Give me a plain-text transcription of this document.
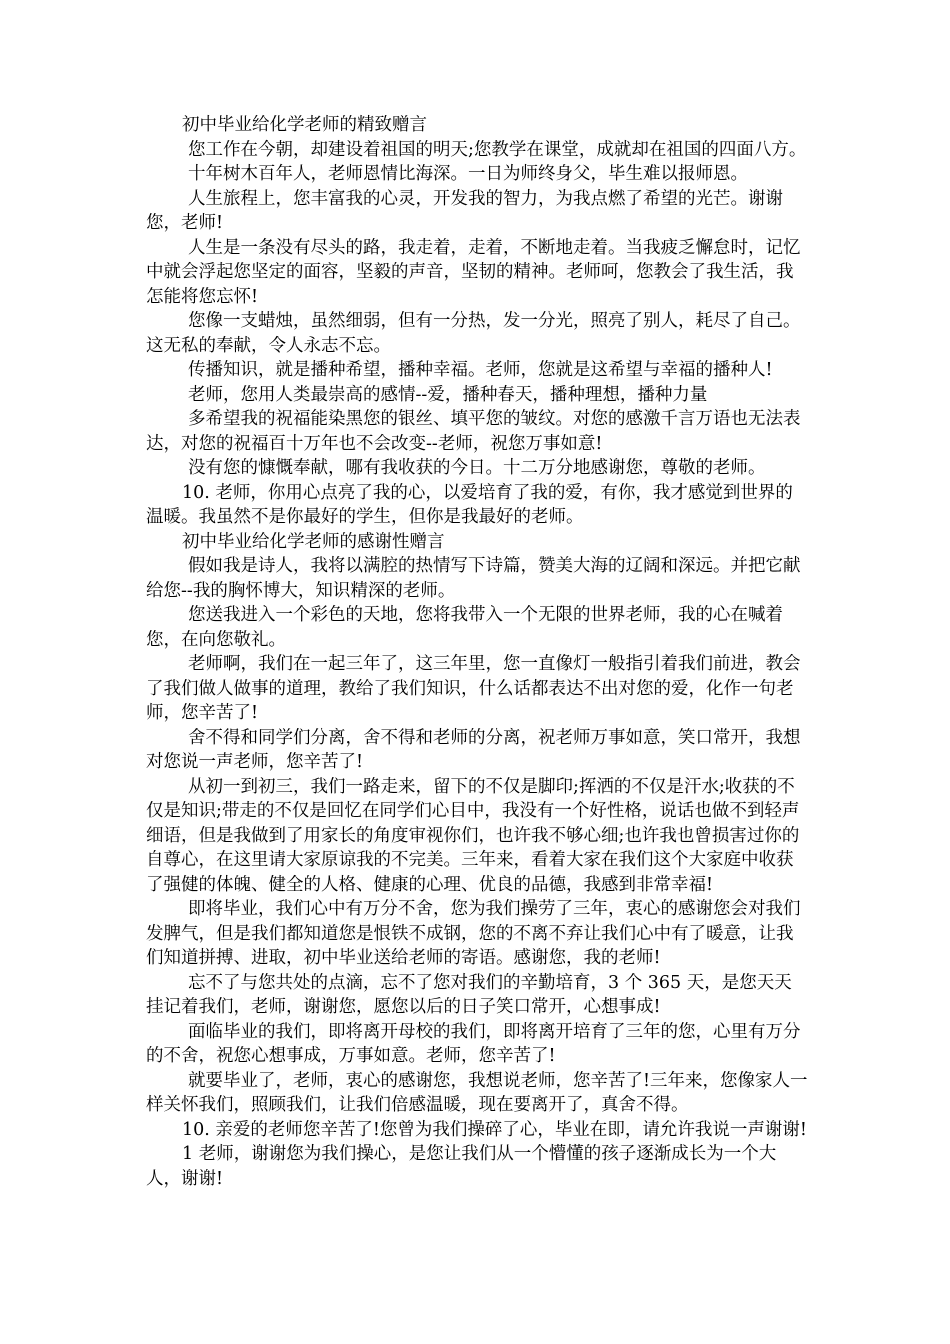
初中毕业给化学老师的精致赠言

您工作在今朝，却建设着祖国的明天;您教学在课堂，成就却在祖国的四面八方。

十年树木百年人，老师恩情比海深。一日为师终身父，毕生难以报师恩。

人生旅程上，您丰富我的心灵，开发我的智力，为我点燃了希望的光芒。谢谢您，老师!

人生是一条没有尽头的路，我走着，走着，不断地走着。当我疲乏懈怠时，记忆中就会浮起您坚定的面容，坚毅的声音，坚韧的精神。老师呵，您教会了我生活，我怎能将您忘怀!

您像一支蜡烛，虽然细弱，但有一分热，发一分光，照亮了别人，耗尽了自己。这无私的奉献，令人永志不忘。

传播知识，就是播种希望，播种幸福。老师，您就是这希望与幸福的播种人!

老师，您用人类最崇高的感情--爱，播种春天，播种理想，播种力量

多希望我的祝福能染黑您的银丝、填平您的皱纹。对您的感激千言万语也无法表达，对您的祝福百十万年也不会改变--老师，祝您万事如意!

没有您的慷慨奉献，哪有我收获的今日。十二万分地感谢您，尊敬的老师。

10. 老师，你用心点亮了我的心，以爱培育了我的爱，有你，我才感觉到世界的温暖。我虽然不是你最好的学生，但你是我最好的老师。

初中毕业给化学老师的感谢性赠言

假如我是诗人，我将以满腔的热情写下诗篇，赞美大海的辽阔和深远。并把它献给您--我的胸怀博大，知识精深的老师。

您送我进入一个彩色的天地，您将我带入一个无限的世界老师，我的心在喊着您，在向您敬礼。

老师啊，我们在一起三年了，这三年里，您一直像灯一般指引着我们前进，教会了我们做人做事的道理，教给了我们知识，什么话都表达不出对您的爱，化作一句老师，您辛苦了!

舍不得和同学们分离，舍不得和老师的分离，祝老师万事如意，笑口常开，我想对您说一声老师，您辛苦了!

从初一到初三，我们一路走来，留下的不仅是脚印;挥洒的不仅是汗水;收获的不仅是知识;带走的不仅是回忆在同学们心目中，我没有一个好性格，说话也做不到轻声细语，但是我做到了用家长的角度审视你们，也许我不够心细;也许我也曾损害过你的自尊心，在这里请大家原谅我的不完美。三年来，看着大家在我们这个大家庭中收获了强健的体魄、健全的人格、健康的心理、优良的品德，我感到非常幸福!

即将毕业，我们心中有万分不舍，您为我们操劳了三年，衷心的感谢您会对我们发脾气，但是我们都知道您是恨铁不成钢，您的不离不弃让我们心中有了暖意，让我们知道拼搏、进取，初中毕业送给老师的寄语。感谢您，我的老师!

忘不了与您共处的点滴，忘不了您对我们的辛勤培育，3 个 365 天，是您天天挂记着我们，老师，谢谢您，愿您以后的日子笑口常开，心想事成!

面临毕业的我们，即将离开母校的我们，即将离开培育了三年的您，心里有万分的不舍，祝您心想事成，万事如意。老师，您辛苦了!

就要毕业了，老师，衷心的感谢您，我想说老师，您辛苦了!三年来，您像家人一样关怀我们，照顾我们，让我们倍感温暖，现在要离开了，真舍不得。

10. 亲爱的老师您辛苦了!您曾为我们操碎了心，毕业在即，请允许我说一声谢谢!

1 老师，谢谢您为我们操心，是您让我们从一个懵懂的孩子逐渐成长为一个大人，谢谢!
